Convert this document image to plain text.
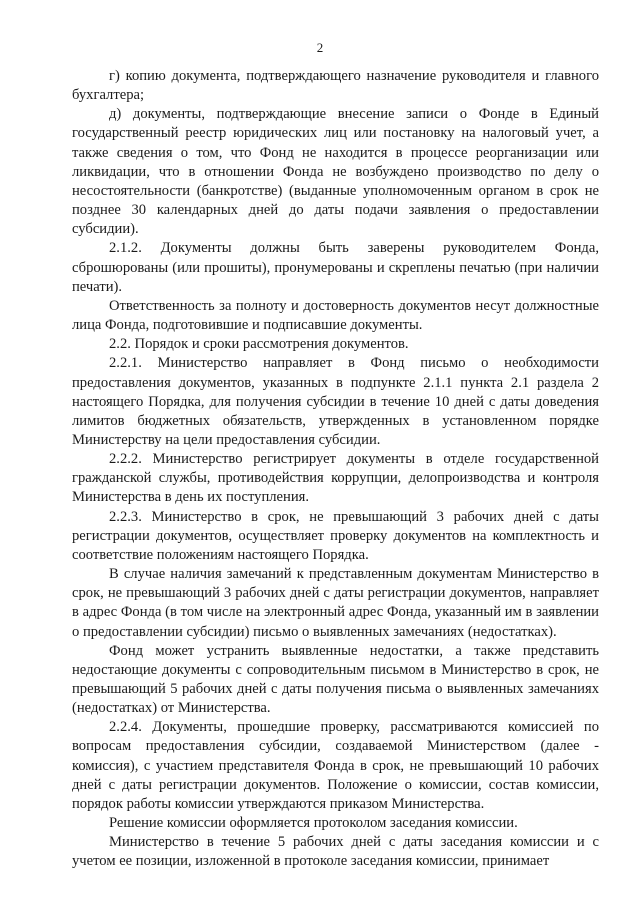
2

г) копию документа, подтверждающего назначение руководителя и главного бухгалтера;

д) документы, подтверждающие внесение записи о Фонде в Единый государственный реестр юридических лиц или постановку на налоговый учет, а также сведения о том, что Фонд не находится в процессе реорганизации или ликвидации, что в отношении Фонда не возбуждено производство по делу о несостоятельности (банкротстве) (выданные уполномоченным органом в срок не позднее 30 календарных дней до даты подачи заявления о предоставлении субсидии).

2.1.2. Документы должны быть заверены руководителем Фонда, сброшюрованы (или прошиты), пронумерованы и скреплены печатью (при наличии печати).

Ответственность за полноту и достоверность документов несут должностные лица Фонда, подготовившие и подписавшие документы.

2.2. Порядок и сроки рассмотрения документов.

2.2.1. Министерство направляет в Фонд письмо о необходимости предоставления документов, указанных в подпункте 2.1.1 пункта 2.1 раздела 2 настоящего Порядка, для получения субсидии в течение 10 дней с даты доведения лимитов бюджетных обязательств, утвержденных в установленном порядке Министерству на цели предоставления субсидии.

2.2.2. Министерство регистрирует документы в отделе государственной гражданской службы, противодействия коррупции, делопроизводства и контроля Министерства в день их поступления.

2.2.3. Министерство в срок, не превышающий 3 рабочих дней с даты регистрации документов, осуществляет проверку документов на комплектность и соответствие положениям настоящего Порядка.

В случае наличия замечаний к представленным документам Министерство в срок, не превышающий 3 рабочих дней с даты регистрации документов, направляет в адрес Фонда (в том числе на электронный адрес Фонда, указанный им в заявлении о предоставлении субсидии) письмо о выявленных замечаниях (недостатках).

Фонд может устранить выявленные недостатки, а также представить недостающие документы с сопроводительным письмом в Министерство в срок, не превышающий 5 рабочих дней с даты получения письма о выявленных замечаниях (недостатках) от Министерства.

2.2.4. Документы, прошедшие проверку, рассматриваются комиссией по вопросам предоставления субсидии, создаваемой Министерством (далее - комиссия), с участием представителя Фонда в срок, не превышающий 10 рабочих дней с даты регистрации документов. Положение о комиссии, состав комиссии, порядок работы комиссии утверждаются приказом Министерства.

Решение комиссии оформляется протоколом заседания комиссии.

Министерство в течение 5 рабочих дней с даты заседания комиссии и с учетом ее позиции, изложенной в протоколе заседания комиссии, принимает
